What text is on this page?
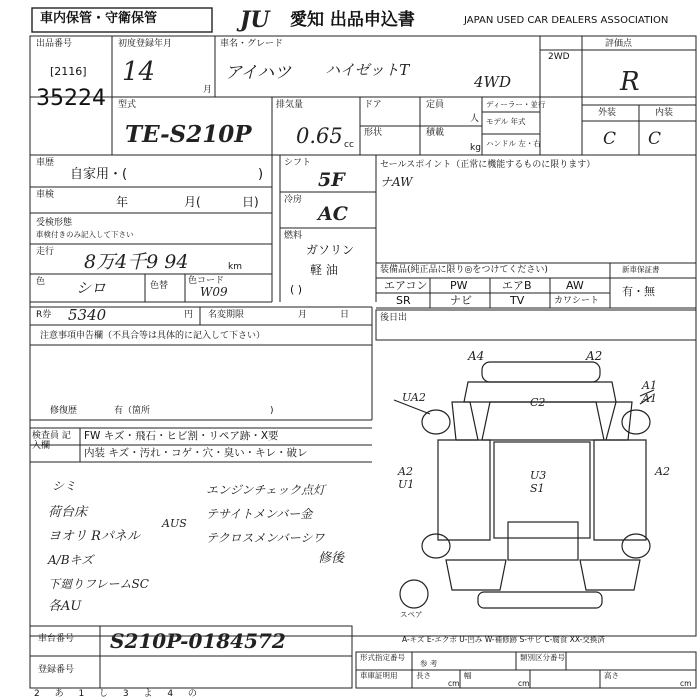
車内保管・守衛保管	JU 愛知 出品申込書	JAPAN USED CAR DEALERS ASSOCIATION
出品番号
[2116]
35224
初度登録年月
14
月
車名・グレード
アイハツ ハイゼットT
4WD
2WD
評価点
R
外装	内装
C C
型式
TE-S210P
排気量
0.65 cc
ドア	定員
人
形状	積載
kg
ディーラー・並行
モデル 年式
ハンドル 左・右
車歴
自家用・(	)
車検	年	月(	日)
受検形態
車検付きのみ記入して下さい
走行 8万4千9 94	km
色 シロ	色替 色コード
W09
シフト
5F
冷房
AC
燃料
ガソリン
軽 油
( )
セールスポイント（正常に機能するものに限ります）
ナAW
装備品(純正品に限り◎をつけてください)
エアコン PW	エアB	AW
SR	ナビ	TV	カワシート
新車保証書
有・無
R券 5340	円 名変期限	月	日	後日出
注意事項申告欄（不具合等は具体的に記入して下さい）
修復歴	有（箇所	)
検査員 記入欄
FW キズ・飛石・ヒビ割・リペア跡・X要
内装 キズ・汚れ・コゲ・穴・臭い・キレ・破レ
シミ
荷台床
ヨオリ Rパネル
A/Bキズ
下廻りフレームSC
各AU
AUS
エンジンチェック点灯
テサイトメンバー金
テクロスメンバーシワ
修後
A4	A2
UA2	C2
A1
A1
A2 U1
U3 S1
A2
スペア
A-キズ E-エクボ U-凹み W-補修跡 S-サビ C-腐食 XX-交換済
車台番号 S210P-0184572
登録番号
形式指定番号	類別区分番号
参 考
車庫証明用 長さ
cm
幅
cm
高さ
cm
2 あ 1 し 3 よ 4 の
